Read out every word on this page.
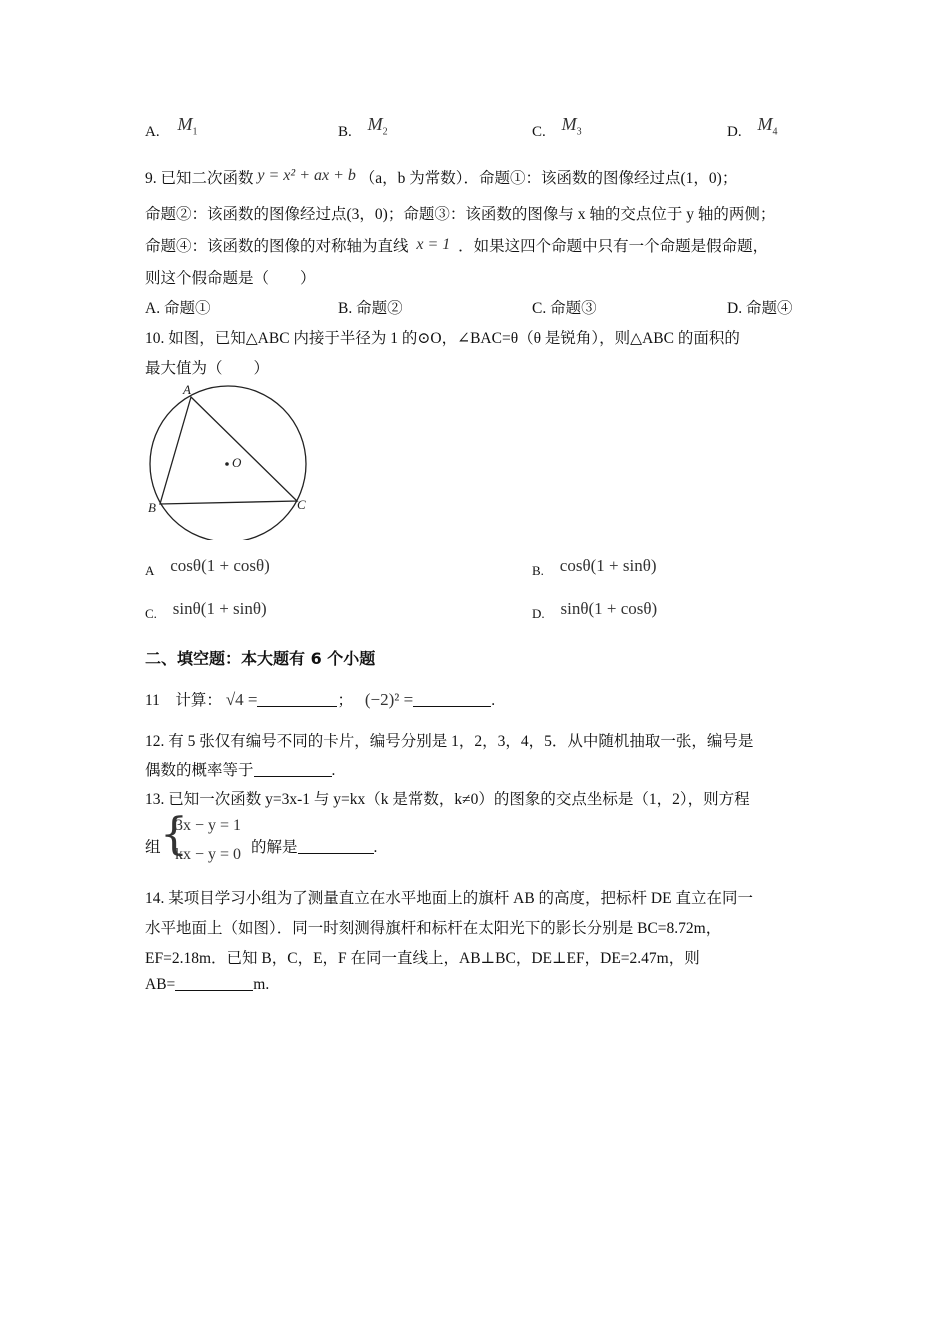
A. $M_1$	B. $M_2$	C. $M_3$	D. $M_4$
9. 已知二次函数 y = x² + ax + b （a，b 为常数）．命题①：该函数的图像经过点(1，0)；
命题②：该函数的图像经过点(3，0)；命题③：该函数的图像与 x 轴的交点位于 y 轴的两侧；
命题④：该函数的图像的对称轴为直线 x = 1 ．如果这四个命题中只有一个命题是假命题，
则这个假命题是（　　）
A. 命题①	B. 命题②	C. 命题③	D. 命题④
10. 如图，已知△ABC 内接于半径为 1 的⊙O，∠BAC=θ（θ 是锐角），则△ABC 的面积的
最大值为（　　）
A
B	C
O
A cosθ(1 + cosθ)	B. cosθ(1 + sinθ)
C. sinθ(1 + sinθ)	D. sinθ(1 + cosθ)
二、填空题：本大题有 6 个小题
11　计算： √4 =	； (−2)² =	.
12. 有 5 张仅有编号不同的卡片，编号分别是 1，2，3，4，5．从中随机抽取一张，编号是
偶数的概率等于	.
13. 已知一次函数 y=3x-1 与 y=kx（k 是常数，k≠0）的图象的交点坐标是（1，2），则方程
组 {
3x − y = 1
kx − y = 0 的解是	.
14. 某项目学习小组为了测量直立在水平地面上的旗杆 AB 的高度，把标杆 DE 直立在同一
水平地面上（如图）．同一时刻测得旗杆和标杆在太阳光下的影长分别是 BC=8.72m，
EF=2.18m．已知 B，C，E，F 在同一直线上，AB⊥BC，DE⊥EF，DE=2.47m，则
AB=	m.
